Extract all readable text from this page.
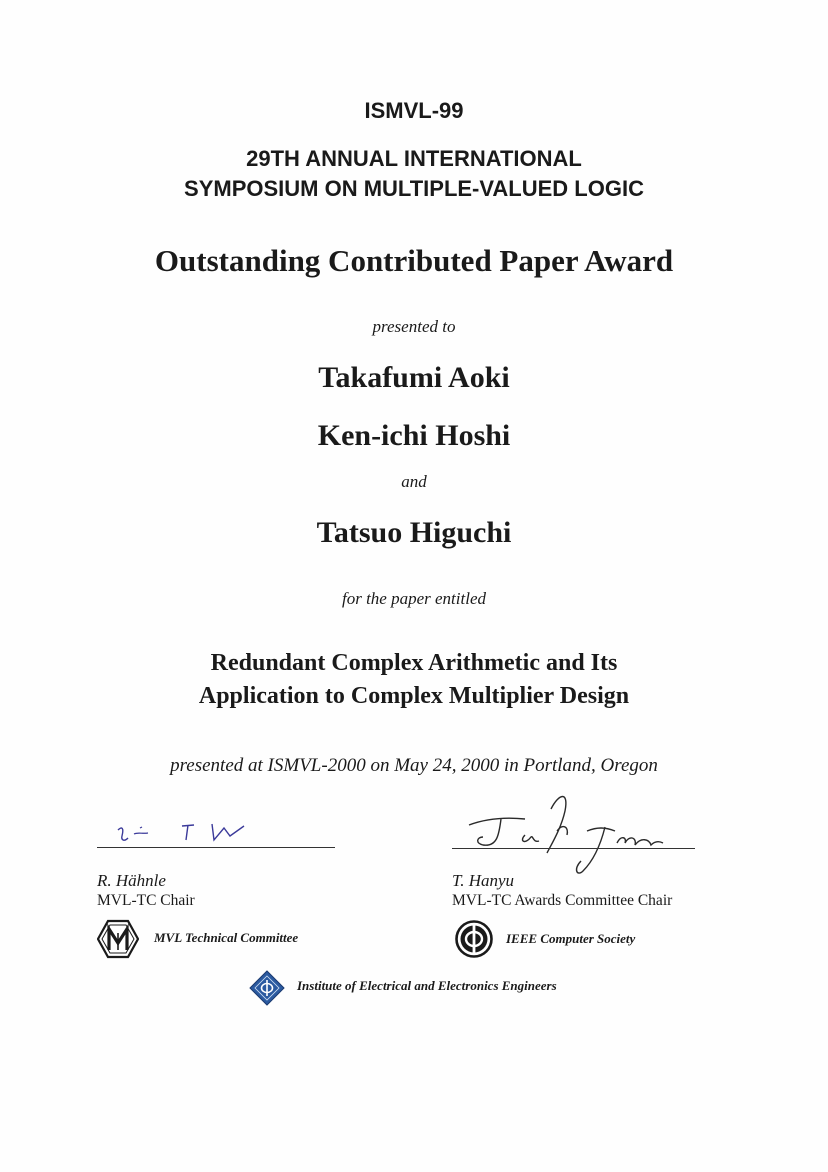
ISMVL-99
29TH ANNUAL INTERNATIONAL
SYMPOSIUM ON MULTIPLE-VALUED LOGIC
Outstanding Contributed Paper Award
presented to
Takafumi Aoki
Ken-ichi Hoshi
and
Tatsuo Higuchi
for the paper entitled
Redundant Complex Arithmetic and Its
Application to Complex Multiplier Design
presented at ISMVL-2000 on May 24, 2000 in Portland, Oregon
R. Hähnle
MVL-TC Chair
T. Hanyu
MVL-TC Awards Committee Chair
MVL Technical Committee	IEEE Computer Society
Institute of Electrical and Electronics Engineers
